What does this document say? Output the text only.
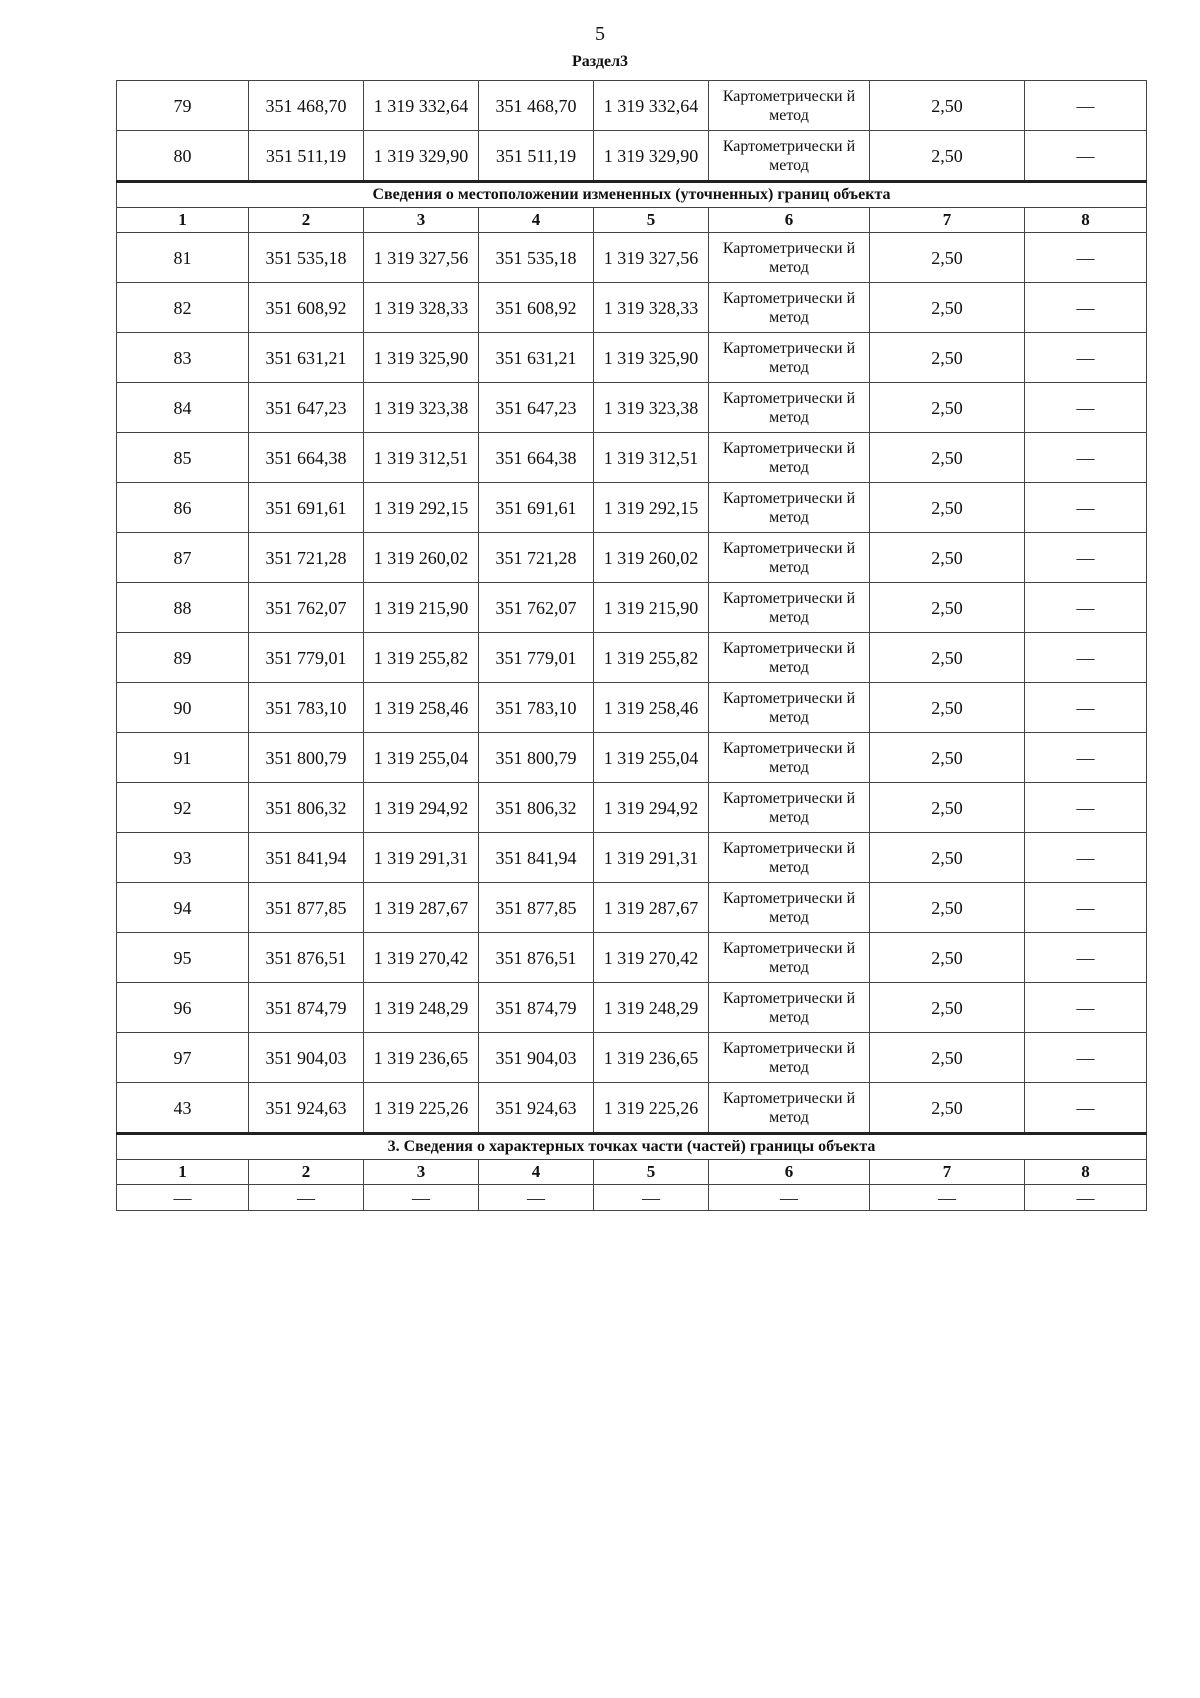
5
Раздел3
79	351 468,70	1 319 332,64	351 468,70	1 319 332,64	Картометрически й метод	2,50	—
80	351 511,19	1 319 329,90	351 511,19	1 319 329,90	Картометрически й метод	2,50	—
Сведения о местоположении измененных (уточненных) границ объекта							
1	2	3	4	5	6	7	8
81	351 535,18	1 319 327,56	351 535,18	1 319 327,56	Картометрически й метод	2,50	—
82	351 608,92	1 319 328,33	351 608,92	1 319 328,33	Картометрически й метод	2,50	—
83	351 631,21	1 319 325,90	351 631,21	1 319 325,90	Картометрически й метод	2,50	—
84	351 647,23	1 319 323,38	351 647,23	1 319 323,38	Картометрически й метод	2,50	—
85	351 664,38	1 319 312,51	351 664,38	1 319 312,51	Картометрически й метод	2,50	—
86	351 691,61	1 319 292,15	351 691,61	1 319 292,15	Картометрически й метод	2,50	—
87	351 721,28	1 319 260,02	351 721,28	1 319 260,02	Картометрически й метод	2,50	—
88	351 762,07	1 319 215,90	351 762,07	1 319 215,90	Картометрически й метод	2,50	—
89	351 779,01	1 319 255,82	351 779,01	1 319 255,82	Картометрически й метод	2,50	—
90	351 783,10	1 319 258,46	351 783,10	1 319 258,46	Картометрически й метод	2,50	—
91	351 800,79	1 319 255,04	351 800,79	1 319 255,04	Картометрически й метод	2,50	—
92	351 806,32	1 319 294,92	351 806,32	1 319 294,92	Картометрически й метод	2,50	—
93	351 841,94	1 319 291,31	351 841,94	1 319 291,31	Картометрически й метод	2,50	—
94	351 877,85	1 319 287,67	351 877,85	1 319 287,67	Картометрически й метод	2,50	—
95	351 876,51	1 319 270,42	351 876,51	1 319 270,42	Картометрически й метод	2,50	—
96	351 874,79	1 319 248,29	351 874,79	1 319 248,29	Картометрически й метод	2,50	—
97	351 904,03	1 319 236,65	351 904,03	1 319 236,65	Картометрически й метод	2,50	—
43	351 924,63	1 319 225,26	351 924,63	1 319 225,26	Картометрически й метод	2,50	—
3. Сведения о характерных точках части (частей) границы объекта							
1	2	3	4	5	6	7	8
—	—	—	—	—	—	—	—
